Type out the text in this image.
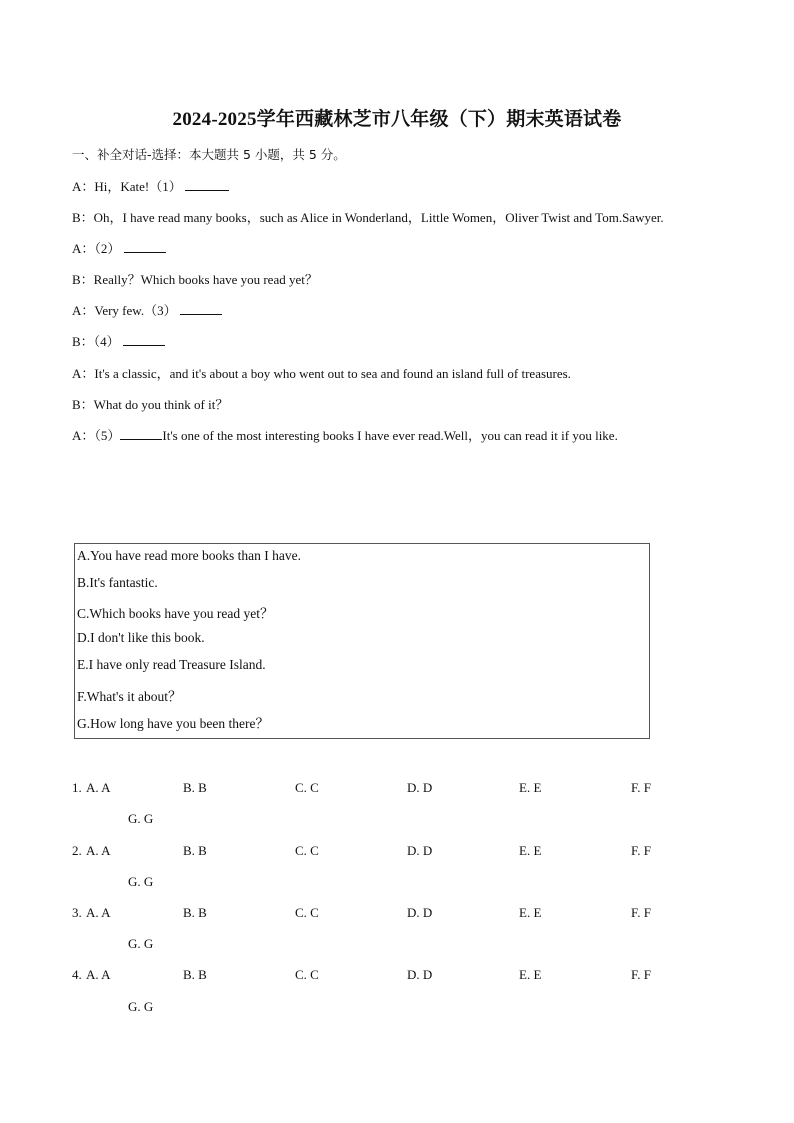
2024-2025学年西藏林芝市八年级（下）期末英语试卷
一、补全对话-选择：本大题共 5 小题，共 5 分。
A：Hi，Kate!（1）
B：Oh，I have read many books，such as Alice in Wonderland，Little Women，Oliver Twist and Tom.Sawyer.
A：（2）
B：Really？Which books have you read yet？
A：Very few.（3）
B：（4）
A：It's a classic，and it's about a boy who went out to sea and found an island full of treasures.
B：What do you think of it？
A：（5）	It's one of the most interesting books I have ever read.Well，you can read it if you like.
A.You have read more books than I have.
B.It's fantastic.
C.Which books have you read yet？
D.I don't like this book.
E.I have only read Treasure Island.
F.What's it about？
G.How long have you been there？
1. A. A	B. B	C. C	D. D	E. E	F. F
G. G
2. A. A	B. B	C. C	D. D	E. E	F. F
G. G
3. A. A	B. B	C. C	D. D	E. E	F. F
G. G
4. A. A	B. B	C. C	D. D	E. E	F. F
G. G
